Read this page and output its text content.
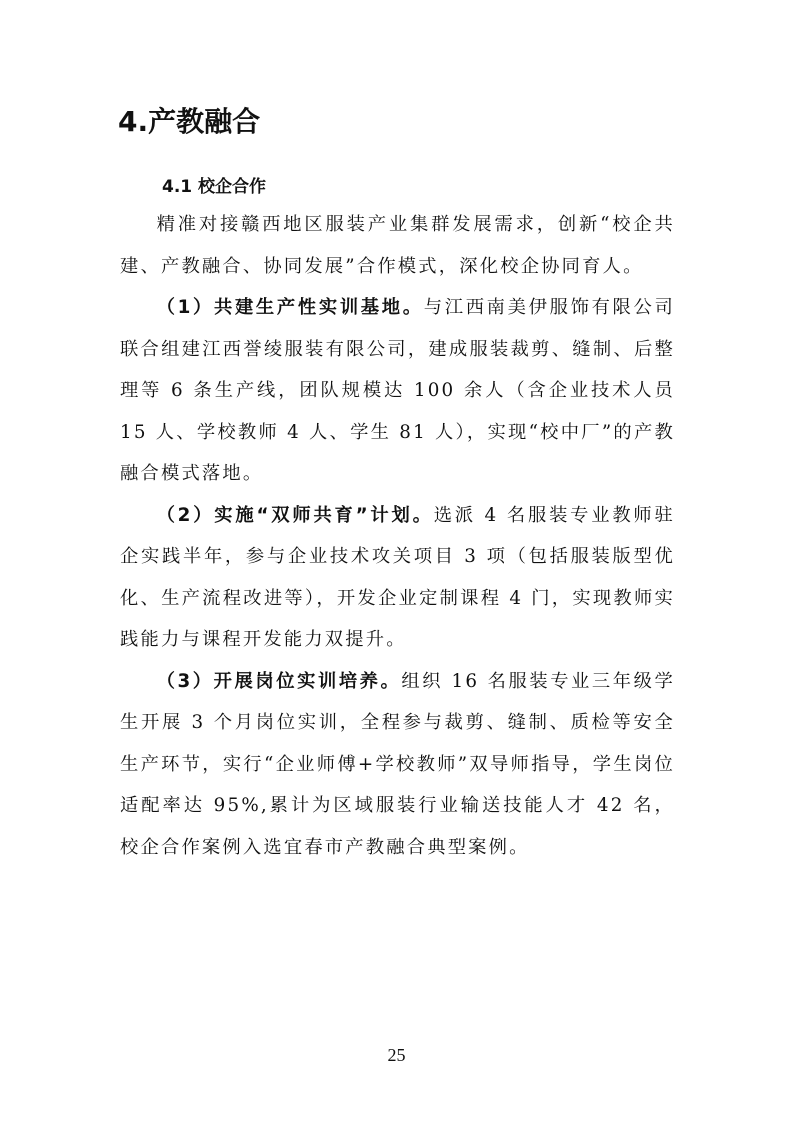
4.产教融合
4.1 校企合作

精准对接赣西地区服装产业集群发展需求，创新“校企共建、产教融合、协同发展”合作模式，深化校企协同育人。

（1）共建生产性实训基地。与江西南美伊服饰有限公司联合组建江西誉绫服装有限公司，建成服装裁剪、缝制、后整理等 6 条生产线，团队规模达 100 余人（含企业技术人员 15 人、学校教师 4 人、学生 81 人），实现“校中厂”的产教融合模式落地。

（2）实施“双师共育”计划。选派 4 名服装专业教师驻企实践半年，参与企业技术攻关项目 3 项（包括服装版型优化、生产流程改进等），开发企业定制课程 4 门，实现教师实践能力与课程开发能力双提升。

（3）开展岗位实训培养。组织 16 名服装专业三年级学生开展 3 个月岗位实训，全程参与裁剪、缝制、质检等安全生产环节，实行“企业师傅+学校教师”双导师指导，学生岗位适配率达 95%,累计为区域服装行业输送技能人才 42 名，校企合作案例入选宜春市产教融合典型案例。

25
